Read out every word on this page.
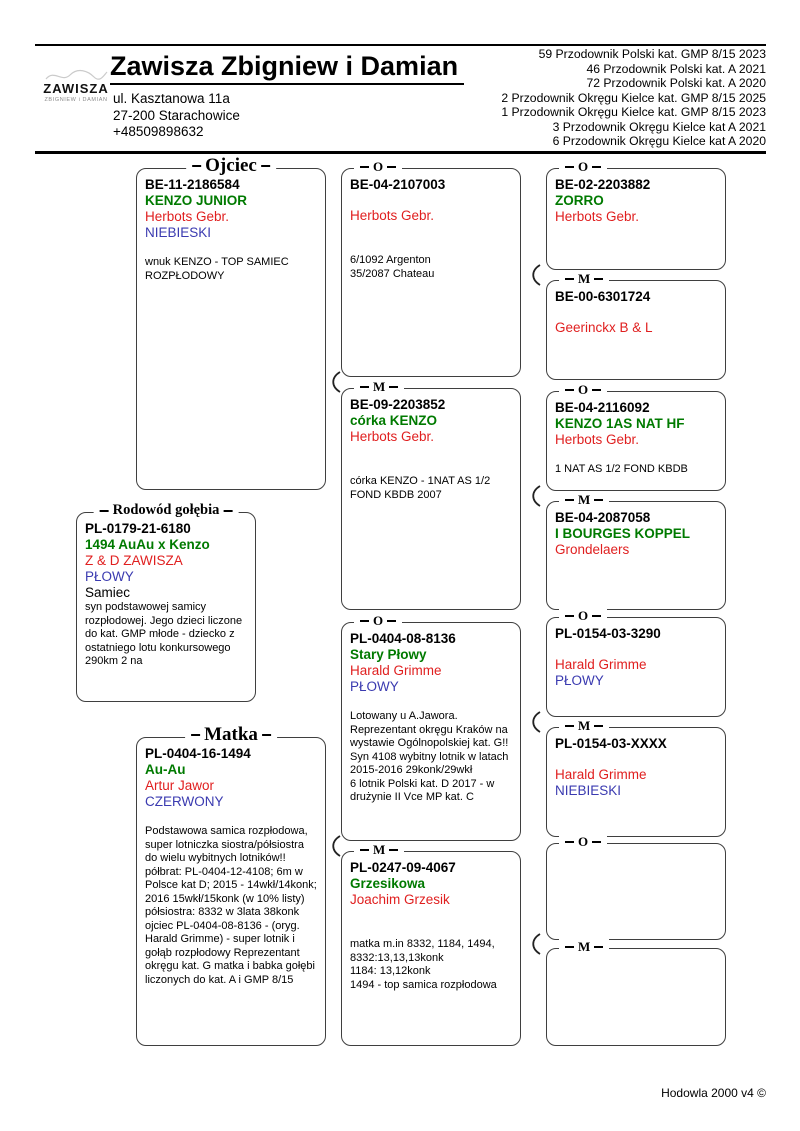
ZAWISZA
ZBIGNIEW i DAMIAN
Zawisza Zbigniew i Damian
ul. Kasztanowa 11a
27-200 Starachowice
+48509898632
59 Przodownik Polski kat. GMP 8/15 2023
46 Przodownik Polski kat. A 2021
72 Przodownik Polski kat. A 2020
2 Przodownik Okręgu Kielce kat. GMP 8/15 2025
1 Przodownik Okręgu Kielce kat. GMP 8/15 2023
3 Przodownik Okręgu Kielce kat A 2021
6 Przodownik Okręgu Kielce kat A 2020
Ojciec
BE-11-2186584
KENZO JUNIOR
Herbots Gebr.
NIEBIESKI
wnuk KENZO - TOP SAMIEC ROZPŁODOWY
Rodowód gołębia
PL-0179-21-6180
1494 AuAu x Kenzo
Z & D ZAWISZA
PŁOWY
Samiec
syn podstawowej samicy rozpłodowej. Jego dzieci liczone do kat. GMP młode - dziecko z ostatniego lotu konkursowego 290km 2 na
Matka
PL-0404-16-1494
Au-Au
Artur Jawor
CZERWONY
Podstawowa samica rozpłodowa, super lotniczka siostra/półsiostra do wielu wybitnych lotników!! półbrat: PL-0404-12-4108; 6m w Polsce kat D; 2015 - 14wkł/14konk; 2016 15wkł/15konk (w 10% listy) półsiostra: 8332 w 3lata 38konk
ojciec PL-0404-08-8136 - (oryg. Harald Grimme) - super lotnik i gołąb rozpłodowy Reprezentant okręgu kat. G matka i babka gołębi liczonych do kat. A i GMP 8/15
O
BE-04-2107003
Herbots Gebr.
6/1092 Argenton
35/2087 Chateau
M
BE-09-2203852
córka KENZO
Herbots Gebr.
córka KENZO - 1NAT AS 1/2 FOND KBDB 2007
O
PL-0404-08-8136
Stary Płowy
Harald Grimme
PŁOWY
Lotowany u A.Jawora. Reprezentant okręgu Kraków na wystawie Ogólnopolskiej kat. G!!
Syn 4108 wybitny lotnik w latach 2015-2016 29konk/29wkł
6 lotnik Polski kat. D 2017 - w drużynie II Vce MP kat. C
M
PL-0247-09-4067
Grzesikowa
Joachim Grzesik
matka m.in 8332, 1184, 1494, 8332:13,13,13konk
1184: 13,12konk
1494 - top samica rozpłodowa
O
BE-02-2203882
ZORRO
Herbots Gebr.
M
BE-00-6301724
Geerinckx B & L
O
BE-04-2116092
KENZO 1AS NAT HF
Herbots Gebr.
1 NAT AS 1/2 FOND KBDB
M
BE-04-2087058
I BOURGES KOPPEL
Grondelaers
O
PL-0154-03-3290
Harald Grimme
PŁOWY
M
PL-0154-03-XXXX
Harald Grimme
NIEBIESKI
O
M
Hodowla 2000 v4 ©
